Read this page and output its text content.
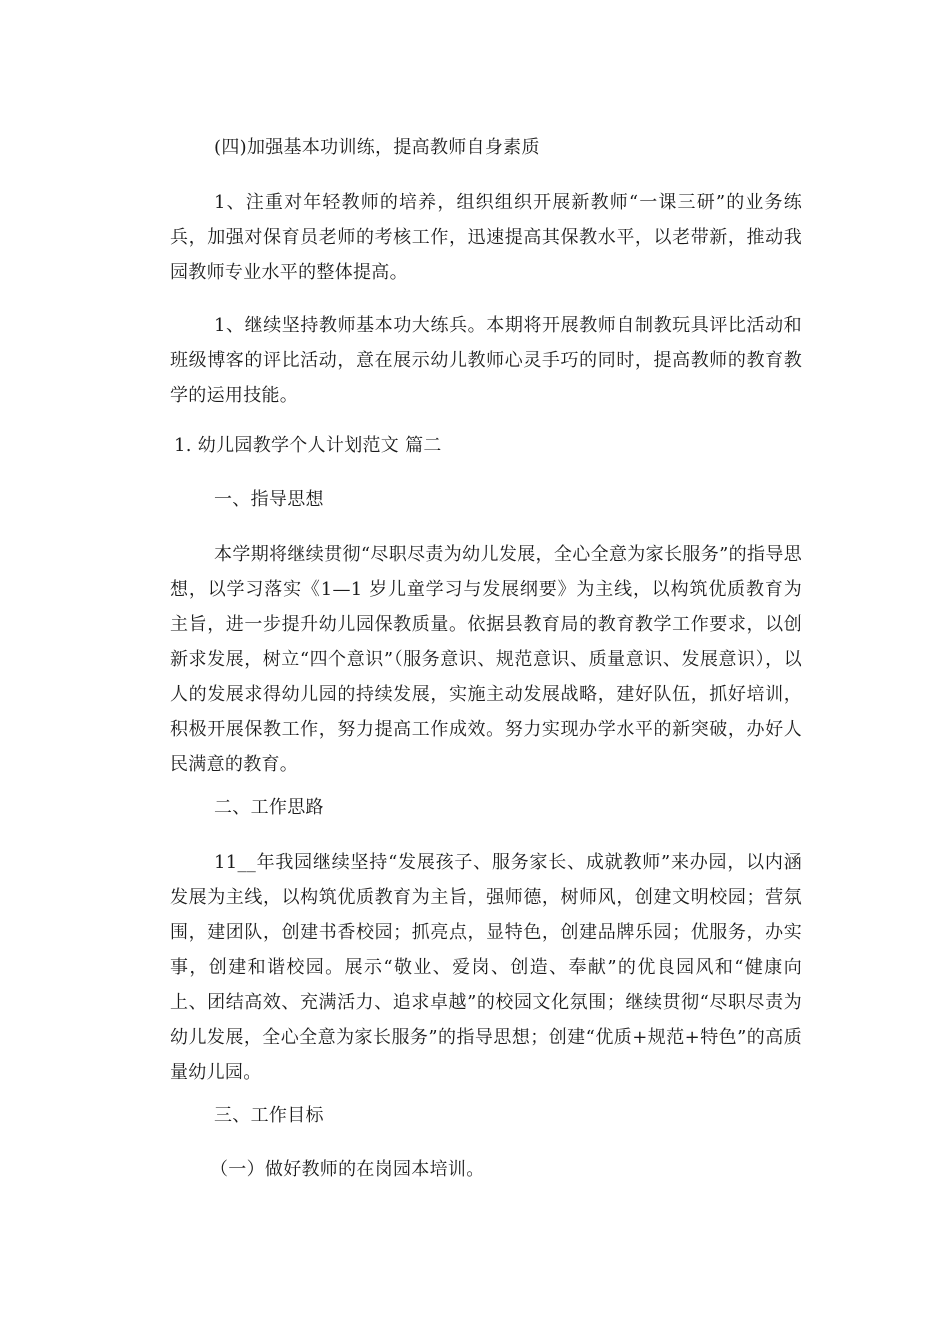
(四)加强基本功训练，提高教师自身素质
1、注重对年轻教师的培养，组织组织开展新教师“一课三研”的业务练兵，加强对保育员老师的考核工作，迅速提高其保教水平，以老带新，推动我园教师专业水平的整体提高。
1、继续坚持教师基本功大练兵。本期将开展教师自制教玩具评比活动和班级博客的评比活动，意在展示幼儿教师心灵手巧的同时，提高教师的教育教学的运用技能。
1. 幼儿园教学个人计划范文 篇二
一、指导思想
本学期将继续贯彻“尽职尽责为幼儿发展，全心全意为家长服务”的指导思想，以学习落实《1—1 岁儿童学习与发展纲要》为主线，以构筑优质教育为主旨，进一步提升幼儿园保教质量。依据县教育局的教育教学工作要求，以创新求发展，树立“四个意识”（服务意识、规范意识、质量意识、发展意识），以人的发展求得幼儿园的持续发展，实施主动发展战略，建好队伍，抓好培训，积极开展保教工作，努力提高工作成效。努力实现办学水平的新突破，办好人民满意的教育。
二、工作思路
11__年我园继续坚持“发展孩子、服务家长、成就教师”来办园，以内涵发展为主线，以构筑优质教育为主旨，强师德，树师风，创建文明校园；营氛围，建团队，创建书香校园；抓亮点，显特色，创建品牌乐园；优服务，办实事，创建和谐校园。展示“敬业、爱岗、创造、奉献”的优良园风和“健康向上、团结高效、充满活力、追求卓越”的校园文化氛围；继续贯彻“尽职尽责为幼儿发展，全心全意为家长服务”的指导思想；创建“优质+规范+特色”的高质量幼儿园。
三、工作目标
（一）做好教师的在岗园本培训。
